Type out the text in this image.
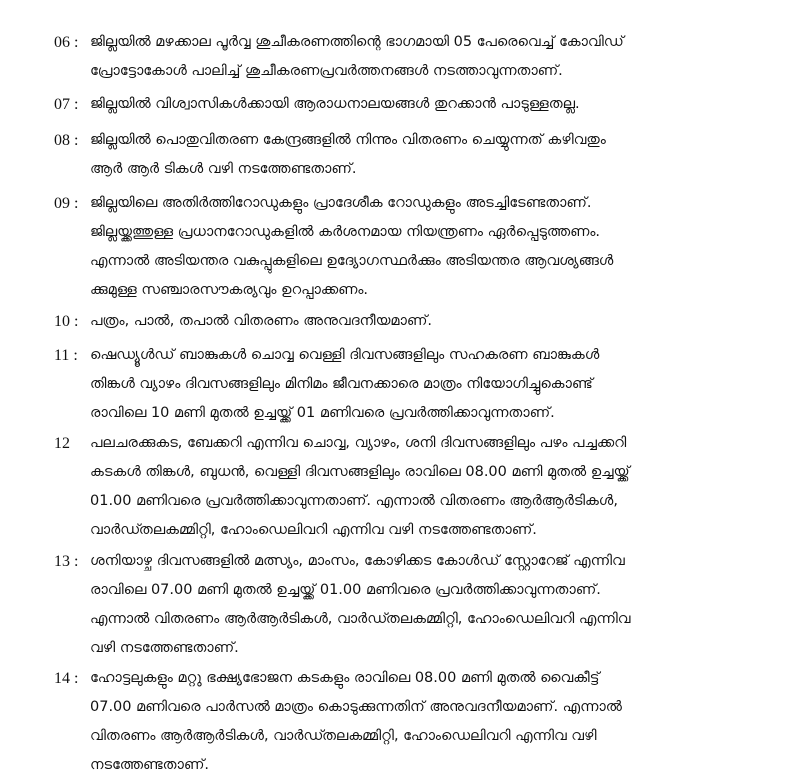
06 : ജില്ലയിൽ മഴക്കാല പൂർവ്വ ശുചീകരണത്തിന്റെ ഭാഗമായി 05 പേരെവെച്ച് കോവിഡ്
പ്രോട്ടോകോൾ പാലിച്ച് ശുചീകരണപ്രവർത്തനങ്ങൾ നടത്താവുന്നതാണ്.
07 : ജില്ലയിൽ വിശ്വാസികൾക്കായി ആരാധനാലയങ്ങൾ തുറക്കാൻ പാടുള്ളതല്ല.
08 : ജില്ലയിൽ പൊതുവിതരണ കേന്ദ്രങ്ങളിൽ നിന്നും വിതരണം ചെയ്യുന്നത് കഴിവതും
ആർ ആർ ടികൾ വഴി നടത്തേണ്ടതാണ്.
09 : ജില്ലയിലെ അതിർത്തിറോഡുകളും പ്രാദേശീക റോഡുകളും അടച്ചിടേണ്ടതാണ്.
ജില്ലയ്ക്കത്തുള്ള പ്രധാനറോഡുകളിൽ കർശനമായ നിയന്ത്രണം ഏർപ്പെടുത്തണം.
എന്നാൽ അടിയന്തര വകുപ്പുകളിലെ ഉദ്യോഗസ്ഥർക്കും അടിയന്തര ആവശ്യങ്ങൾ
ക്കുമുള്ള സഞ്ചാരസൗകര്യവും ഉറപ്പാക്കണം.
10 : പത്രം, പാൽ, തപാൽ വിതരണം അനുവദനീയമാണ്.
11 : ഷെഡ്യൂൾഡ് ബാങ്കുകൾ ചൊവ്വ വെള്ളി ദിവസങ്ങളിലും സഹകരണ ബാങ്കുകൾ
തിങ്കൾ വ്യാഴം ദിവസങ്ങളിലും മിനിമം ജീവനക്കാരെ മാത്രം നിയോഗിച്ചുകൊണ്ട്
രാവിലെ 10 മണി മുതൽ ഉച്ചയ്ക്ക് 01 മണിവരെ പ്രവർത്തിക്കാവുന്നതാണ്.
12	പലചരക്കുകട, ബേക്കറി എന്നിവ ചൊവ്വ, വ്യാഴം, ശനി ദിവസങ്ങളിലും പഴം പച്ചക്കറി
കടകൾ തിങ്കൾ, ബുധൻ, വെള്ളി ദിവസങ്ങളിലും രാവിലെ 08.00 മണി മുതൽ ഉച്ചയ്ക്ക്
01.00 മണിവരെ പ്രവർത്തിക്കാവുന്നതാണ്. എന്നാൽ വിതരണം ആർആർടികൾ,
വാർഡ്തലകമ്മിറ്റി, ഹോംഡെലിവറി എന്നിവ വഴി നടത്തേണ്ടതാണ്.
13 : ശനിയാഴ്ച ദിവസങ്ങളിൽ മത്സ്യം, മാംസം, കോഴിക്കട കോൾഡ് സ്റ്റോറേജ് എന്നിവ
രാവിലെ 07.00 മണി മുതൽ ഉച്ചയ്ക്ക് 01.00 മണിവരെ പ്രവർത്തിക്കാവുന്നതാണ്.
എന്നാൽ വിതരണം ആർആർടികൾ, വാർഡ്തലകമ്മിറ്റി, ഹോംഡെലിവറി എന്നിവ
വഴി നടത്തേണ്ടതാണ്.
14 : ഹോട്ടലുകളും മറ്റു ഭക്ഷ്യഭോജന കടകളും രാവിലെ 08.00 മണി മുതൽ വൈകീട്ട്
07.00 മണിവരെ പാർസൽ മാത്രം കൊടുക്കുന്നതിന് അനുവദനീയമാണ്. എന്നാൽ
വിതരണം ആർആർടികൾ, വാർഡ്തലകമ്മിറ്റി, ഹോംഡെലിവറി എന്നിവ വഴി
നടത്തേണ്ടതാണ്.
